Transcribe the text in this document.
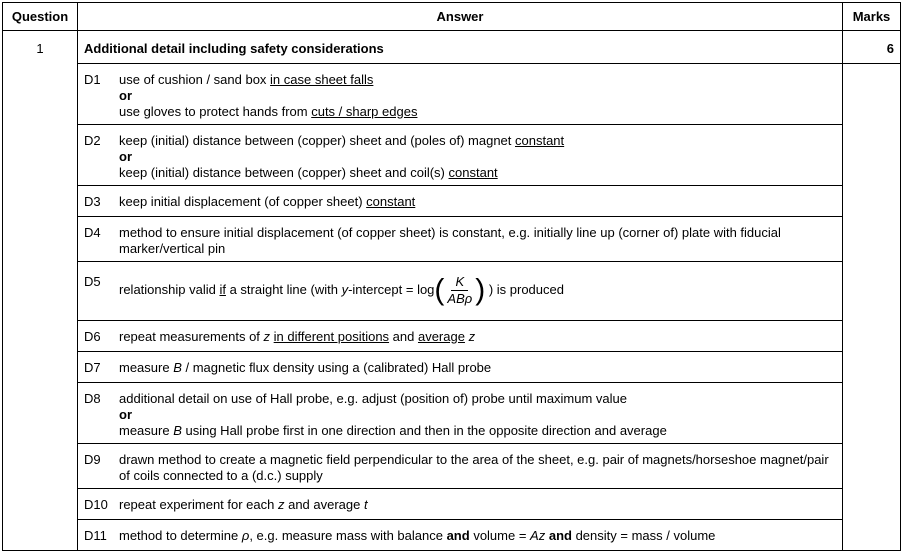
Question	Answer	Marks
1	Additional detail including safety considerations	6

	D1 use of cushion / sand box in case sheet falls
or
use gloves to protect hands from cuts / sharp edges	

	D2 keep (initial) distance between (copper) sheet and (poles of) magnet constant
or
keep (initial) distance between (copper) sheet and coil(s) constant	

	D3 keep initial displacement (of copper sheet) constant	

	D4 method to ensure initial displacement (of copper sheet) is constant, e.g. initially line up (corner of) plate with fiducial marker/vertical pin	

	D5
relationship valid if a straight line (with y-intercept = $\log( \frac{K}{\text{ABρ}}$ ) ) is produced	

	D6 repeat measurements of z in different positions and average z	

	D7 measure B / magnetic flux density using a (calibrated) Hall probe	

	D8 additional detail on use of Hall probe, e.g. adjust (position of) probe until maximum value
or
measure B using Hall probe first in one direction and then in the opposite direction and average	

	D9 drawn method to create a magnetic field perpendicular to the area of the sheet, e.g. pair of magnets/horseshoe magnet/pair of coils connected to a (d.c.) supply	

	D10 repeat experiment for each z and average t	

	D11 method to determine ρ, e.g. measure mass with balance and volume = Az and density = mass / volume	
